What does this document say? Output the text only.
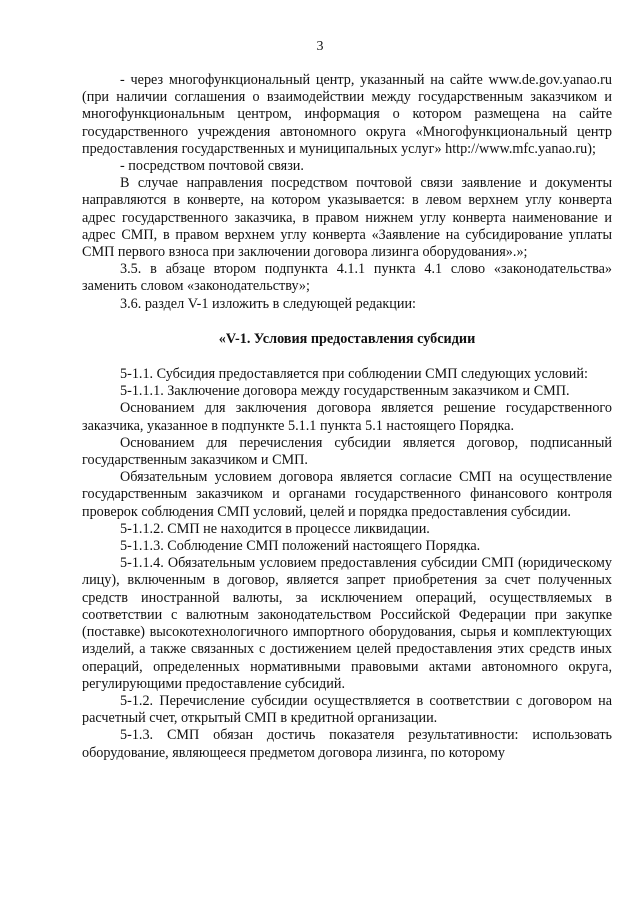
3

- через многофункциональный центр, указанный на сайте www.de.gov.yanao.ru (при наличии соглашения о взаимодействии между государственным заказчиком и многофункциональным центром, информация о котором размещена на сайте государственного учреждения автономного округа «Многофункциональный центр предоставления государственных и муниципальных услуг» http://www.mfc.yanao.ru);

- посредством почтовой связи.

В случае направления посредством почтовой связи заявление и документы направляются в конверте, на котором указывается: в левом верхнем углу конверта адрес государственного заказчика, в правом нижнем углу конверта наименование и адрес СМП, в правом верхнем углу конверта «Заявление на субсидирование уплаты СМП первого взноса при заключении договора лизинга оборудования».»;

3.5. в абзаце втором подпункта 4.1.1 пункта 4.1 слово «законодательства» заменить словом «законодательству»;

3.6. раздел V-1 изложить в следующей редакции:

«V-1. Условия предоставления субсидии

5-1.1. Субсидия предоставляется при соблюдении СМП следующих условий:

5-1.1.1. Заключение договора между государственным заказчиком и СМП.

Основанием для заключения договора является решение государственного заказчика, указанное в подпункте 5.1.1 пункта 5.1 настоящего Порядка.

Основанием для перечисления субсидии является договор, подписанный государственным заказчиком и СМП.

Обязательным условием договора является согласие СМП на осуществление государственным заказчиком и органами государственного финансового контроля проверок соблюдения СМП условий, целей и порядка предоставления субсидии.

5-1.1.2. СМП не находится в процессе ликвидации.

5-1.1.3. Соблюдение СМП положений настоящего Порядка.

5-1.1.4. Обязательным условием предоставления субсидии СМП (юридическому лицу), включенным в договор, является запрет приобретения за счет полученных средств иностранной валюты, за исключением операций, осуществляемых в соответствии с валютным законодательством Российской Федерации при закупке (поставке) высокотехнологичного импортного оборудования, сырья и комплектующих изделий, а также связанных с достижением целей предоставления этих средств иных операций, определенных нормативными правовыми актами автономного округа, регулирующими предоставление субсидий.

5-1.2. Перечисление субсидии осуществляется в соответствии с договором на расчетный счет, открытый СМП в кредитной организации.

5-1.3. СМП обязан достичь показателя результативности: использовать оборудование, являющееся предметом договора лизинга, по которому
